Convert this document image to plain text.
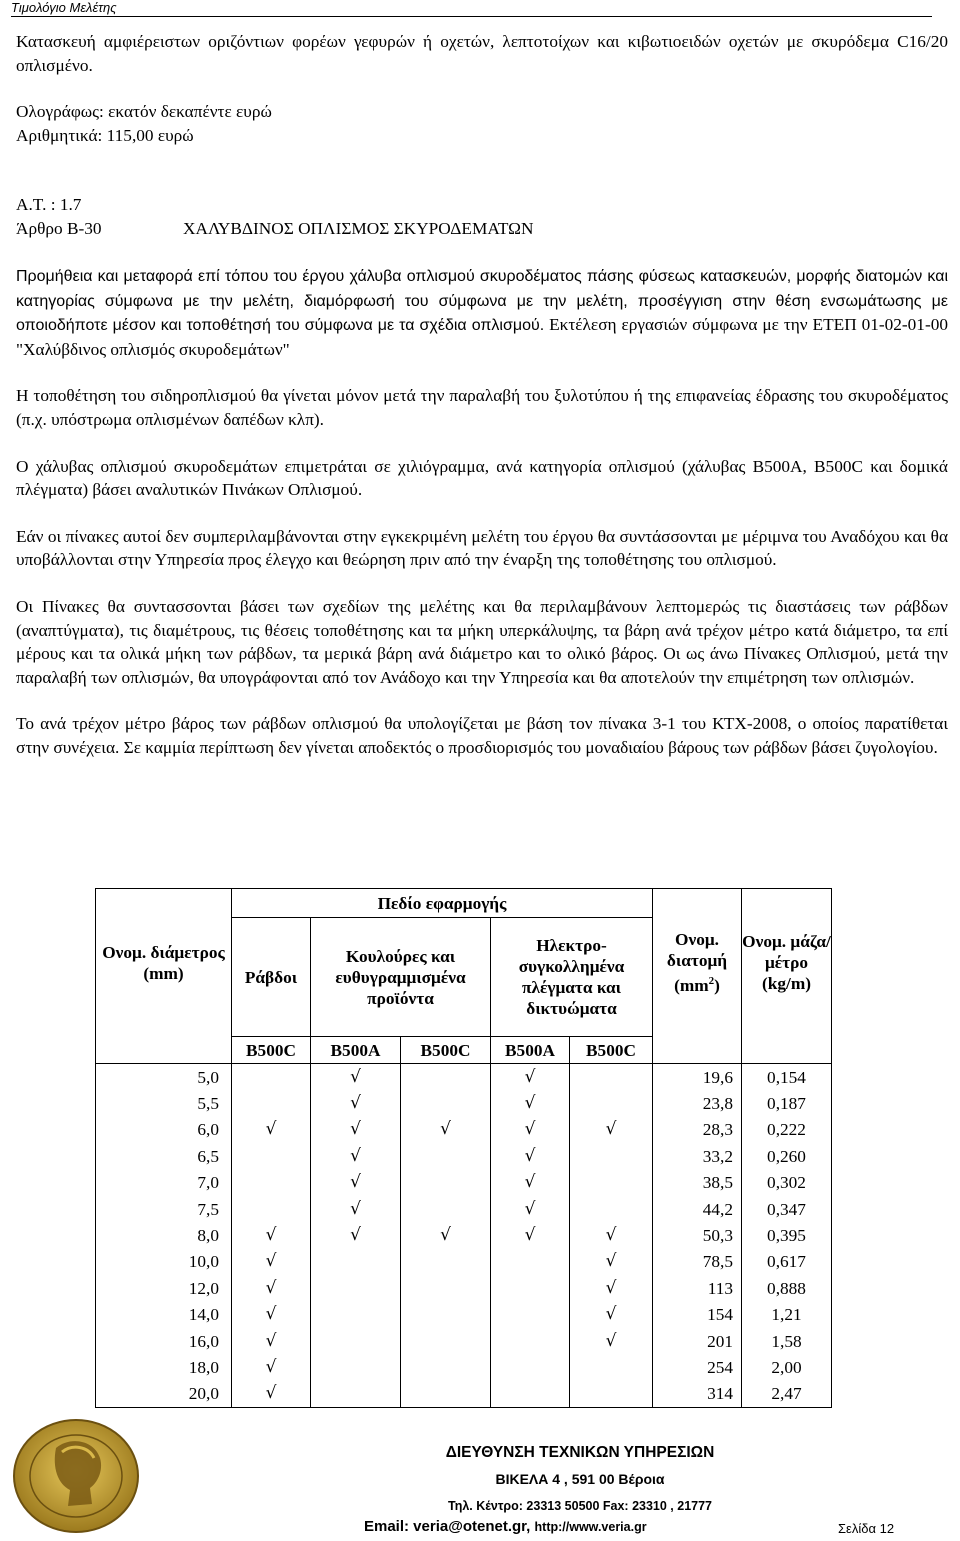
Τιμολόγιο Μελέτης

Κατασκευή αμφιέρειστων οριζόντιων φορέων γεφυρών ή οχετών, λεπτοτοίχων και κιβωτιοειδών οχετών με σκυρόδεμα C16/20 οπλισμένο.

Ολογράφως: εκατόν δεκαπέντε ευρώ
Αριθμητικά: 115,00 ευρώ
Α.Τ. : 1.7
Άρθρο Β-30	ΧΑΛΥΒΔΙΝΟΣ ΟΠΛΙΣΜΟΣ ΣΚΥΡΟΔΕΜΑΤΩΝ

Προμήθεια και μεταφορά επί τόπου του έργου χάλυβα οπλισμού σκυροδέματος πάσης φύσεως κατασκευών, μορφής διατομών και κατηγορίας σύμφωνα με την μελέτη, διαμόρφωσή του σύμφωνα με την μελέτη, προσέγγιση στην θέση ενσωμάτωσης με οποιοδήποτε μέσον και τοποθέτησή του σύμφωνα με τα σχέδια οπλισμού. Εκτέλεση εργασιών σύμφωνα με την ΕΤΕΠ 01-02-01-00 "Χαλύβδινος οπλισμός σκυροδεμάτων"

Η τοποθέτηση του σιδηροπλισμού θα γίνεται μόνον μετά την παραλαβή του ξυλοτύπου ή της επιφανείας έδρασης του σκυροδέματος (π.χ. υπόστρωμα οπλισμένων δαπέδων κλπ).

Ο χάλυβας οπλισμού σκυροδεμάτων επιμετράται σε χιλιόγραμμα, ανά κατηγορία οπλισμού (χάλυβας Β500Α, Β500C και δομικά πλέγματα) βάσει αναλυτικών Πινάκων Οπλισμού.

Εάν οι πίνακες αυτοί δεν συμπεριλαμβάνονται στην εγκεκριμένη μελέτη του έργου θα συντάσσονται με μέριμνα του Αναδόχου και θα υποβάλλονται στην Υπηρεσία προς έλεγχο και θεώρηση πριν από την έναρξη της τοποθέτησης του οπλισμού.

Οι Πίνακες θα συντασσονται βάσει των σχεδίων της μελέτης και θα περιλαμβάνουν λεπτομερώς τις διαστάσεις των ράβδων (αναπτύγματα), τις διαμέτρους, τις θέσεις τοποθέτησης και τα μήκη υπερκάλυψης, τα βάρη ανά τρέχον μέτρο κατά διάμετρο, τα επί μέρους και τα ολικά μήκη των ράβδων, τα μερικά βάρη ανά διάμετρο και το ολικό βάρος. Οι ως άνω Πίνακες Οπλισμού, μετά την παραλαβή των οπλισμών, θα υπογράφονται από τον Ανάδοχο και την Υπηρεσία και θα αποτελούν την επιμέτρηση των οπλισμών.

Το ανά τρέχον μέτρο βάρος των ράβδων οπλισμού θα υπολογίζεται με βάση τον πίνακα 3-1 του ΚΤΧ-2008, ο οποίος παρατίθεται στην συνέχεια. Σε καμμία περίπτωση δεν γίνεται αποδεκτός ο προσδιορισμός του μοναδιαίου βάρους των ράβδων βάσει ζυγολογίου.

Ονομ. διάμετρος (mm)	Πεδίο εφαρμογής					Ονομ. διατομή $(mm^2)$	Ονομ. μάζα/ μέτρο (kg/m)
	Ράβδοι	Κουλούρες και ευθυγραμμισμένα προϊόντα		Ηλεκτρο-συγκολλημένα πλέγματα και δικτυώματα			
	Β500C	Β500A	Β500C	Β500A	Β500C		
5,0		√		√		19,6	0,154
5,5		√		√		23,8	0,187
6,0	√	√	√	√	√	28,3	0,222
6,5		√		√		33,2	0,260
7,0		√		√		38,5	0,302
7,5		√		√		44,2	0,347
8,0	√	√	√	√	√	50,3	0,395
10,0	√				√	78,5	0,617
12,0	√				√	113	0,888
14,0	√				√	154	1,21
16,0	√				√	201	1,58
18,0	√					254	2,00
20,0	√					314	2,47
ΔΙΕΥΘΥΝΣΗ ΤΕΧΝΙΚΩΝ ΥΠΗΡΕΣΙΩΝ
ΒΙΚΕΛΑ 4 , 591 00 Βέροια
Τηλ. Κέντρο: 23313 50500 Fax: 23310 , 21777
Email: veria@otenet.gr, http://www.veria.gr	Σελίδα 12
